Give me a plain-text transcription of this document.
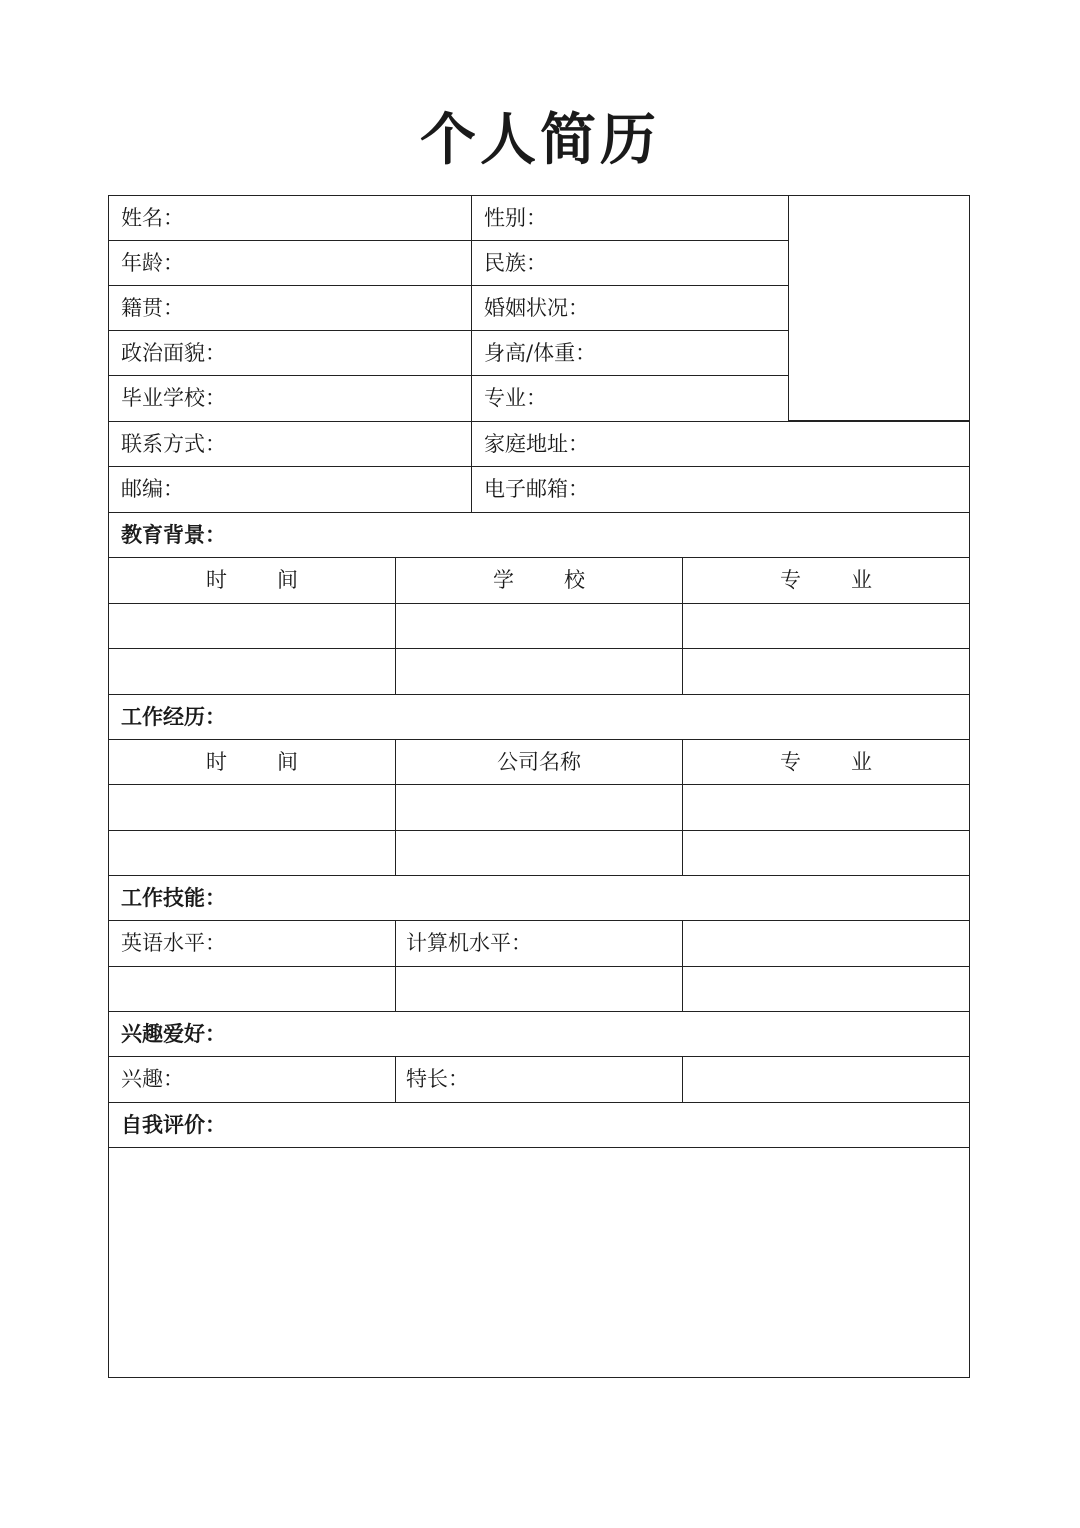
个人简历
姓名：	性别：
年龄：	民族：
籍贯：	婚姻状况：
政治面貌：	身高/体重：
毕业学校：	专业：
联系方式：	家庭地址：
邮编：	电子邮箱：
教育背景：
时间	学校	专业
工作经历：
时间	公司名称	专业
工作技能：
英语水平：	计算机水平：
兴趣爱好：
兴趣：	特长：
自我评价：
